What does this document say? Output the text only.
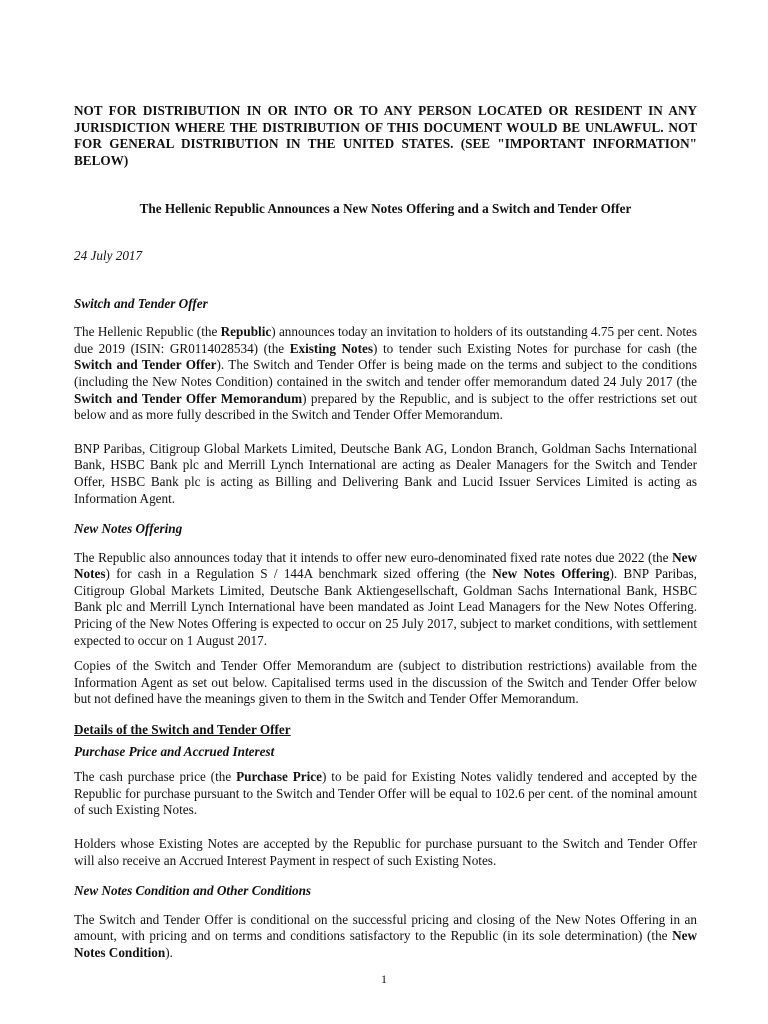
NOT FOR DISTRIBUTION IN OR INTO OR TO ANY PERSON LOCATED OR RESIDENT IN ANY JURISDICTION WHERE THE DISTRIBUTION OF THIS DOCUMENT WOULD BE UNLAWFUL. NOT FOR GENERAL DISTRIBUTION IN THE UNITED STATES. (SEE "IMPORTANT INFORMATION" BELOW)

The Hellenic Republic Announces a New Notes Offering and a Switch and Tender Offer

24 July 2017

Switch and Tender Offer

The Hellenic Republic (the Republic) announces today an invitation to holders of its outstanding 4.75 per cent. Notes due 2019 (ISIN: GR0114028534) (the Existing Notes) to tender such Existing Notes for purchase for cash (the Switch and Tender Offer). The Switch and Tender Offer is being made on the terms and subject to the conditions (including the New Notes Condition) contained in the switch and tender offer memorandum dated 24 July 2017 (the Switch and Tender Offer Memorandum) prepared by the Republic, and is subject to the offer restrictions set out below and as more fully described in the Switch and Tender Offer Memorandum.

BNP Paribas, Citigroup Global Markets Limited, Deutsche Bank AG, London Branch, Goldman Sachs International Bank, HSBC Bank plc and Merrill Lynch International are acting as Dealer Managers for the Switch and Tender Offer, HSBC Bank plc is acting as Billing and Delivering Bank and Lucid Issuer Services Limited is acting as Information Agent.

New Notes Offering

The Republic also announces today that it intends to offer new euro-denominated fixed rate notes due 2022 (the New Notes) for cash in a Regulation S / 144A benchmark sized offering (the New Notes Offering). BNP Paribas, Citigroup Global Markets Limited, Deutsche Bank Aktiengesellschaft, Goldman Sachs International Bank, HSBC Bank plc and Merrill Lynch International have been mandated as Joint Lead Managers for the New Notes Offering. Pricing of the New Notes Offering is expected to occur on 25 July 2017, subject to market conditions, with settlement expected to occur on 1 August 2017.

Copies of the Switch and Tender Offer Memorandum are (subject to distribution restrictions) available from the Information Agent as set out below. Capitalised terms used in the discussion of the Switch and Tender Offer below but not defined have the meanings given to them in the Switch and Tender Offer Memorandum.

Details of the Switch and Tender Offer

Purchase Price and Accrued Interest

The cash purchase price (the Purchase Price) to be paid for Existing Notes validly tendered and accepted by the Republic for purchase pursuant to the Switch and Tender Offer will be equal to 102.6 per cent. of the nominal amount of such Existing Notes.

Holders whose Existing Notes are accepted by the Republic for purchase pursuant to the Switch and Tender Offer will also receive an Accrued Interest Payment in respect of such Existing Notes.

New Notes Condition and Other Conditions

The Switch and Tender Offer is conditional on the successful pricing and closing of the New Notes Offering in an amount, with pricing and on terms and conditions satisfactory to the Republic (in its sole determination) (the New Notes Condition).

1
